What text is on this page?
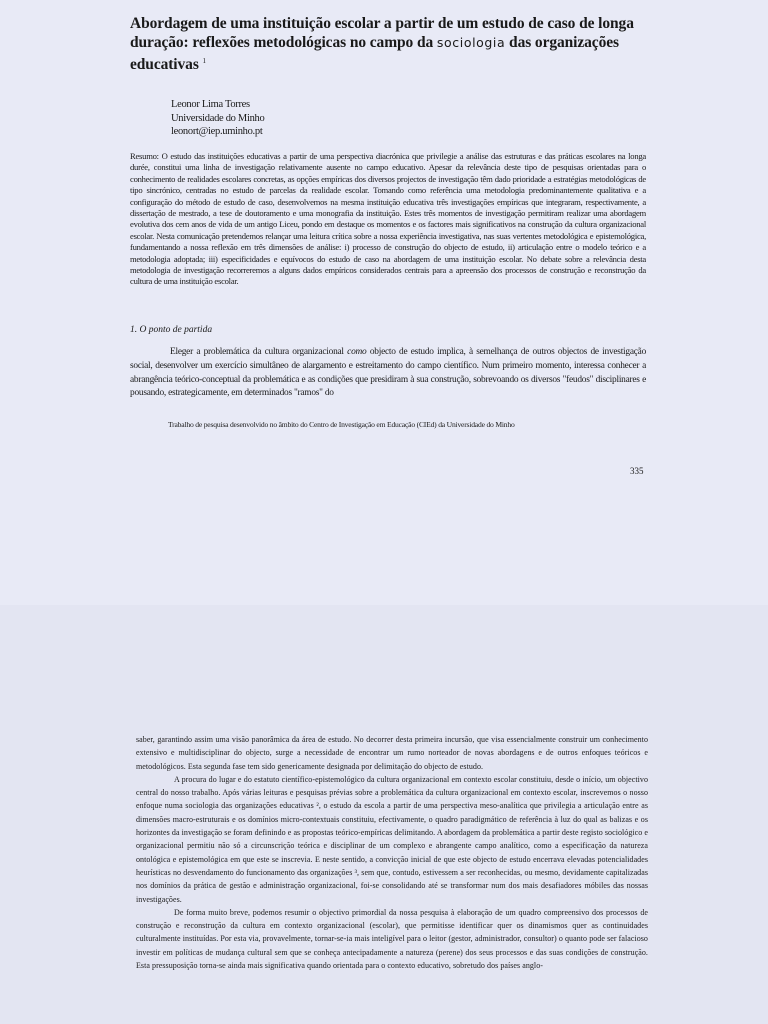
Abordagem de uma instituição escolar a partir de um estudo de caso de longa duração: reflexões metodológicas no campo da sociologia das organizações educativas $^1$
Leonor Lima Torres
Universidade do Minho
leonort@iep.uminho.pt

Resumo: O estudo das instituições educativas a partir de uma perspectiva diacrónica que privilegie a análise das estruturas e das práticas escolares na longa durée, constitui uma linha de investigação relativamente ausente no campo educativo. Apesar da relevância deste tipo de pesquisas orientadas para o conhecimento de realidades escolares concretas, as opções empíricas dos diversos projectos de investigação têm dado prioridade a estratégias metodológicas de tipo sincrónico, centradas no estudo de parcelas da realidade escolar. Tomando como referência uma metodologia predominantemente qualitativa e a configuração do método de estudo de caso, desenvolvemos na mesma instituição educativa três investigações empíricas que integraram, respectivamente, a dissertação de mestrado, a tese de doutoramento e uma monografia da instituição. Estes três momentos de investigação permitiram realizar uma abordagem evolutiva dos cem anos de vida de um antigo Liceu, pondo em destaque os momentos e os factores mais significativos na construção da cultura organizacional escolar. Nesta comunicação pretendemos relançar uma leitura crítica sobre a nossa experiência investigativa, nas suas vertentes metodológica e epistemológica, fundamentando a nossa reflexão em três dimensões de análise: i) processo de construção do objecto de estudo, ii) articulação entre o modelo teórico e a metodologia adoptada; iii) especificidades e equívocos do estudo de caso na abordagem de uma instituição escolar. No debate sobre a relevância desta metodologia de investigação recorreremos a alguns dados empíricos considerados centrais para a apreensão dos processos de construção e reconstrução da cultura de uma instituição escolar.

1. O ponto de partida

Eleger a problemática da cultura organizacional como objecto de estudo implica, à semelhança de outros objectos de investigação social, desenvolver um exercício simultâneo de alargamento e estreitamento do campo científico. Num primeiro momento, interessa conhecer a abrangência teórico-conceptual da problemática e as condições que presidiram à sua construção, sobrevoando os diversos "feudos" disciplinares e pousando, estrategicamente, em determinados "ramos" do

Trabalho de pesquisa desenvolvido no âmbito do Centro de Investigação em Educação (CIEd) da Universidade do Minho
335

saber, garantindo assim uma visão panorâmica da área de estudo. No decorrer desta primeira incursão, que visa essencialmente construir um conhecimento extensivo e multidisciplinar do objecto, surge a necessidade de encontrar um rumo norteador de novas abordagens e de outros enfoques teóricos e metodológicos. Esta segunda fase tem sido genericamente designada por delimitação do objecto de estudo.

A procura do lugar e do estatuto científico-epistemológico da cultura organizacional em contexto escolar constituiu, desde o início, um objectivo central do nosso trabalho. Após várias leituras e pesquisas prévias sobre a problemática da cultura organizacional em contexto escolar, inscrevemos o nosso enfoque numa sociologia das organizações educativas ², o estudo da escola a partir de uma perspectiva meso-analítica que privilegia a articulação entre as dimensões macro-estruturais e os domínios micro-contextuais constituiu, efectivamente, o quadro paradigmático de referência à luz do qual as balizas e os horizontes da investigação se foram definindo e as propostas teórico-empíricas delimitando. A abordagem da problemática a partir deste registo sociológico e organizacional permitiu não só a circunscrição teórica e disciplinar de um complexo e abrangente campo analítico, como a especificação da natureza ontológica e epistemológica em que este se inscrevia. E neste sentido, a convicção inicial de que este objecto de estudo encerrava elevadas potencialidades heurísticas no desvendamento do funcionamento das organizações ³, sem que, contudo, estivessem a ser reconhecidas, ou mesmo, devidamente capitalizadas nos domínios da prática de gestão e administração organizacional, foi-se consolidando até se transformar num dos mais desafiadores móbiles das nossas investigações.

De forma muito breve, podemos resumir o objectivo primordial da nossa pesquisa à elaboração de um quadro compreensivo dos processos de construção e reconstrução da cultura em contexto organizacional (escolar), que permitisse identificar quer os dinamismos quer as continuidades culturalmente instituídas. Por esta via, provavelmente, tornar-se-ia mais inteligível para o leitor (gestor, administrador, consultor) o quanto pode ser falacioso investir em políticas de mudança cultural sem que se conheça antecipadamente a natureza (perene) dos seus processos e das suas condições de construção. Esta pressuposição torna-se ainda mais significativa quando orientada para o contexto educativo, sobretudo dos países anglo-
